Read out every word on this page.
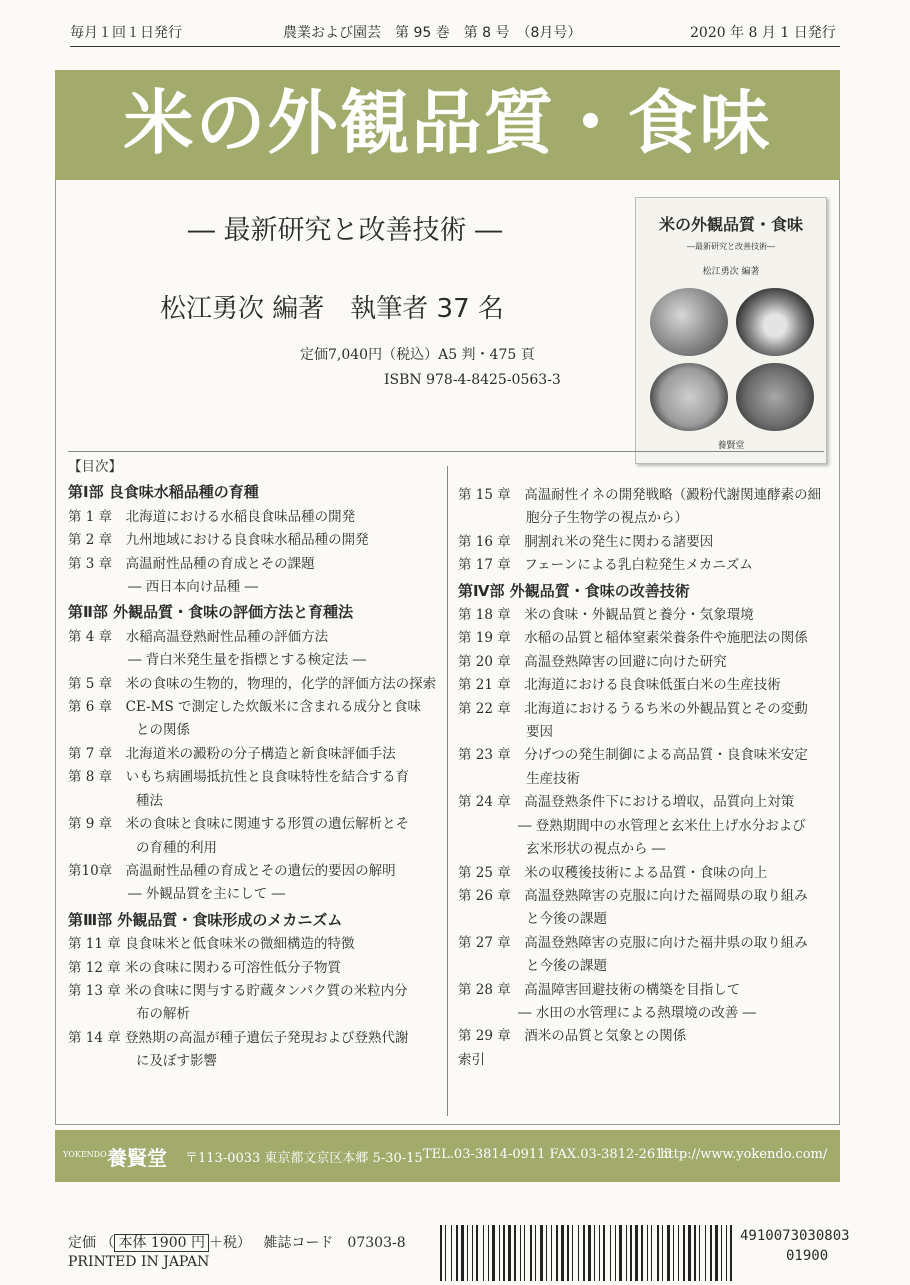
毎月１回１日発行	農業および園芸　第 95 巻　第 8 号　（8月号）	2020 年 8 月 1 日発行
米の外観品質・食味
― 最新研究と改善技術 ―
松江勇次 編著　執筆者 37 名
定価7,040円（税込）A5 判・475 頁
ISBN 978-4-8425-0563-3
米の外観品質・食味
―最新研究と改善技術―
松江勇次 編著
養賢堂
【目次】
第Ⅰ部 良食味水稲品種の育種
第 1 章　北海道における水稲良食味品種の開発
第 2 章　九州地域における良食味水稲品種の開発
第 3 章　高温耐性品種の育成とその課題
― 西日本向け品種 ―
第Ⅱ部 外観品質・食味の評価方法と育種法
第 4 章　水稲高温登熟耐性品種の評価方法
― 背白米発生量を指標とする検定法 ―
第 5 章　米の食味の生物的，物理的，化学的評価方法の探索
第 6 章　CE-MS で測定した炊飯米に含まれる成分と食味
との関係
第 7 章　北海道米の澱粉の分子構造と新食味評価手法
第 8 章　いもち病圃場抵抗性と良食味特性を結合する育
種法
第 9 章　米の食味と食味に関連する形質の遺伝解析とそ
の育種的利用
第10章　高温耐性品種の育成とその遺伝的要因の解明
― 外観品質を主にして ―
第Ⅲ部 外観品質・食味形成のメカニズム
第 11 章 良食味米と低食味米の微細構造的特徴
第 12 章 米の食味に関わる可溶性低分子物質
第 13 章 米の食味に関与する貯蔵タンパク質の米粒内分
布の解析
第 14 章 登熟期の高温が種子遺伝子発現および登熟代謝
に及ぼす影響
第 15 章　高温耐性イネの開発戦略（澱粉代謝関連酵素の細
胞分子生物学の視点から）
第 16 章　胴割れ米の発生に関わる諸要因
第 17 章　フェーンによる乳白粒発生メカニズム
第Ⅳ部 外観品質・食味の改善技術
第 18 章　米の食味・外観品質と養分・気象環境
第 19 章　水稲の品質と稲体窒素栄養条件や施肥法の関係
第 20 章　高温登熟障害の回避に向けた研究
第 21 章　北海道における良食味低蛋白米の生産技術
第 22 章　北海道におけるうるち米の外観品質とその変動
要因
第 23 章　分げつの発生制御による高品質・良食味米安定
生産技術
第 24 章　高温登熟条件下における増収，品質向上対策
― 登熟期間中の水管理と玄米仕上げ水分および
玄米形状の視点から ―
第 25 章　米の収穫後技術による品質・食味の向上
第 26 章　高温登熟障害の克服に向けた福岡県の取り組み
と今後の課題
第 27 章　高温登熟障害の克服に向けた福井県の取り組み
と今後の課題
第 28 章　高温障害回避技術の構築を目指して
― 水田の水管理による熱環境の改善 ―
第 29 章　酒米の品質と気象との関係
索引
YOKENDO 養賢堂 〒113-0033 東京都文京区本郷 5-30-15 TEL.03-3814-0911 FAX.03-3812-2615
http://www.yokendo.com/
定価 （ 本体 1900 円 ＋税） 雑誌コード　07303-8
PRINTED IN JAPAN
4910073030803
01900
